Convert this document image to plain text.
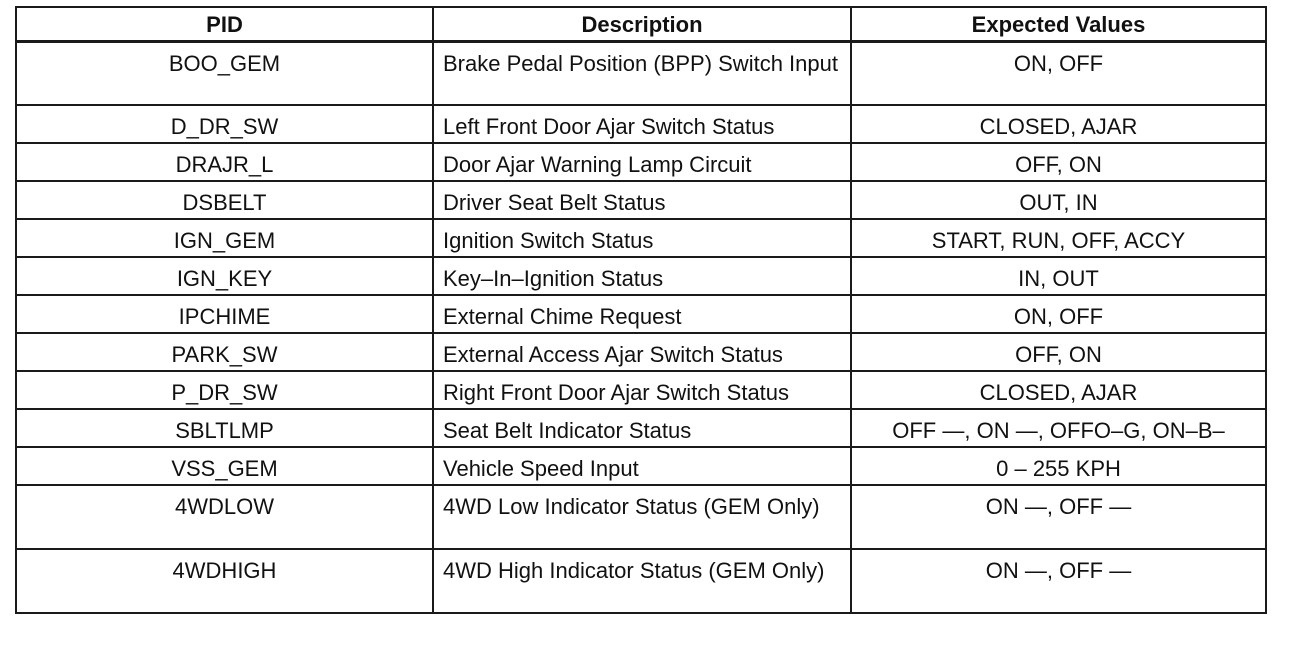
PID	Description	Expected Values
BOO_GEM	Brake Pedal Position (BPP) Switch Input	ON, OFF
D_DR_SW	Left Front Door Ajar Switch Status	CLOSED, AJAR
DRAJR_L	Door Ajar Warning Lamp Circuit	OFF, ON
DSBELT	Driver Seat Belt Status	OUT, IN
IGN_GEM	Ignition Switch Status	START, RUN, OFF, ACCY
IGN_KEY	Key–In–Ignition Status	IN, OUT
IPCHIME	External Chime Request	ON, OFF
PARK_SW	External Access Ajar Switch Status	OFF, ON
P_DR_SW	Right Front Door Ajar Switch Status	CLOSED, AJAR
SBLTLMP	Seat Belt Indicator Status	OFF —, ON —, OFFO–G, ON–B–
VSS_GEM	Vehicle Speed Input	0 – 255 KPH
4WDLOW	4WD Low Indicator Status (GEM Only)	ON —, OFF —
4WDHIGH	4WD High Indicator Status (GEM Only)	ON —, OFF —
